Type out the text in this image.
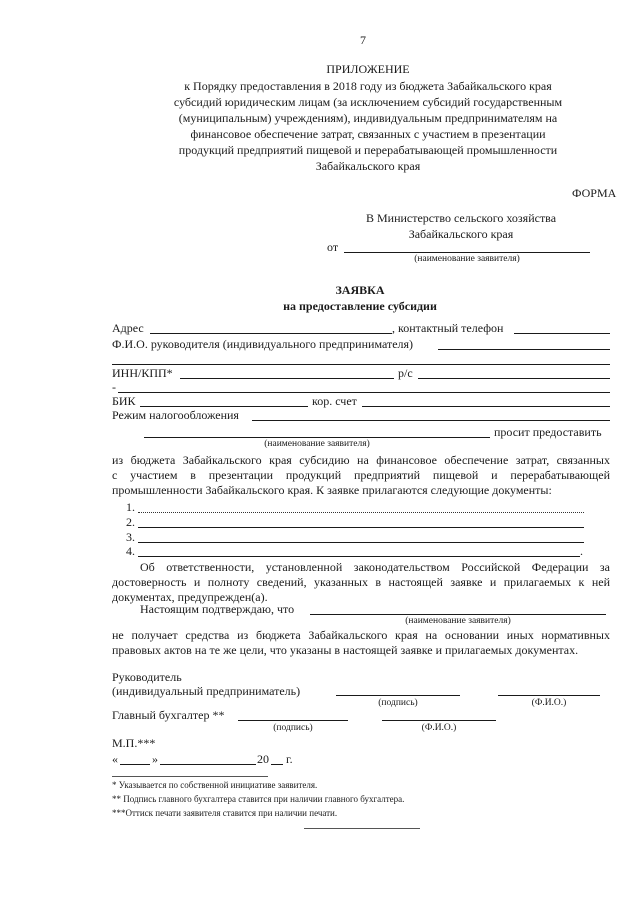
7
ПРИЛОЖЕНИЕ
к Порядку предоставления в 2018 году из бюджета Забайкальского края
субсидий юридическим лицам (за исключением субсидий государственным
(муниципальным) учреждениям), индивидуальным предпринимателям на
финансовое обеспечение затрат, связанных с участием в презентации
продукций предприятий пищевой и перерабатывающей промышленности
Забайкальского края
ФОРМА
В Министерство сельского хозяйства
Забайкальского края
от
(наименование заявителя)
ЗАЯВКА
на предоставление субсидии
Адрес	, контактный телефон
Ф.И.О. руководителя (индивидуального предпринимателя)
ИНН/КПП*	р/с
-
БИК	кор. счет
Режим налогообложения
просит предоставить
(наименование заявителя)
из бюджета Забайкальского края субсидию на финансовое обеспечение затрат, связанных
с участием в презентации продукций предприятий пищевой и перерабатывающей
промышленности Забайкальского края. К заявке прилагаются следующие документы:
1.
2.
3.
4.	.
Об ответственности, установленной законодательством Российской Федерации за
достоверность и полноту сведений, указанных в настоящей заявке и прилагаемых к ней
документах, предупрежден(а).
Настоящим подтверждаю, что
(наименование заявителя)
не получает средства из бюджета Забайкальского края на основании иных нормативных
правовых актов на те же цели, что указаны в настоящей заявке и прилагаемых документах.
Руководитель
(индивидуальный предприниматель)
(подпись)	(Ф.И.О.)
Главный бухгалтер **
(подпись)	(Ф.И.О.)
М.П.***
«	»	20 г.
* Указывается по собственной инициативе заявителя.
** Подпись главного бухгалтера ставится при наличии главного бухгалтера.
***Оттиск печати заявителя ставится при наличии печати.
